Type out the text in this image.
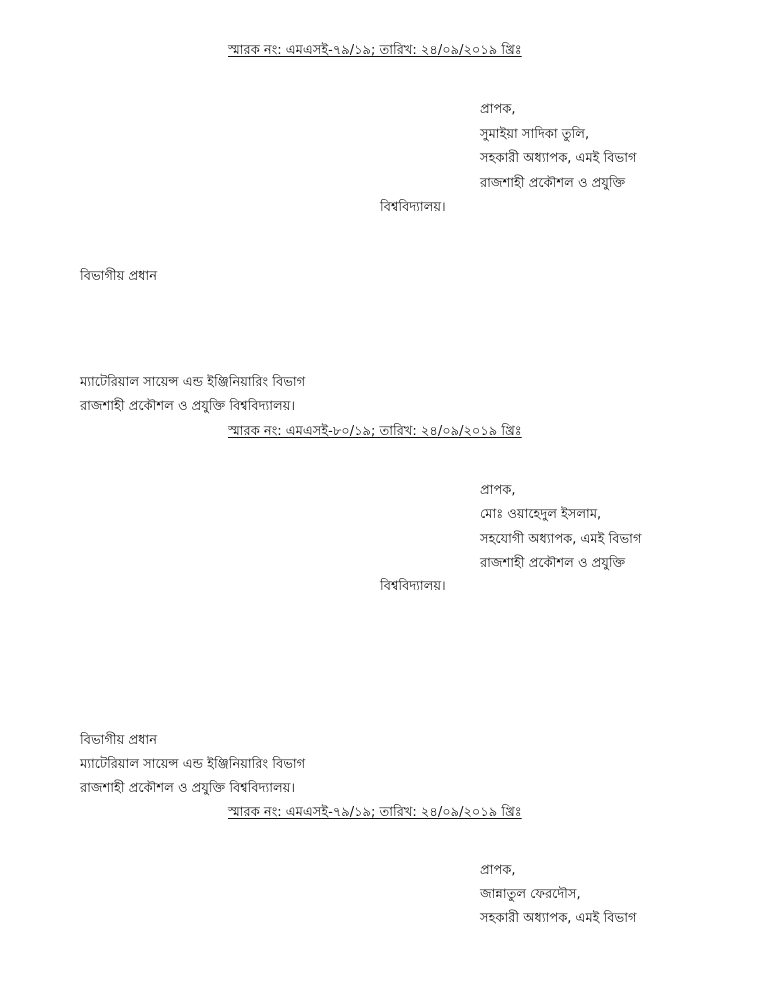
স্মারক নং: এমএসই-৭৯/১৯; তারিখ: ২৪/০৯/২০১৯ খ্রিঃ
প্রাপক,
সুমাইয়া সাদিকা তুলি,
সহকারী অধ্যাপক, এমই বিভাগ
রাজশাহী প্রকৌশল ও প্রযুক্তি
বিশ্ববিদ্যালয়।
বিভাগীয় প্রধান
ম্যাটেরিয়াল সায়েন্স এন্ড ইঞ্জিনিয়ারিং বিভাগ
রাজশাহী প্রকৌশল ও প্রযুক্তি বিশ্ববিদ্যালয়।
স্মারক নং: এমএসই-৮০/১৯; তারিখ: ২৪/০৯/২০১৯ খ্রিঃ
প্রাপক,
মোঃ ওয়াহেদুল ইসলাম,
সহযোগী অধ্যাপক, এমই বিভাগ
রাজশাহী প্রকৌশল ও প্রযুক্তি
বিশ্ববিদ্যালয়।
বিভাগীয় প্রধান
ম্যাটেরিয়াল সায়েন্স এন্ড ইঞ্জিনিয়ারিং বিভাগ
রাজশাহী প্রকৌশল ও প্রযুক্তি বিশ্ববিদ্যালয়।
স্মারক নং: এমএসই-৭৯/১৯; তারিখ: ২৪/০৯/২০১৯ খ্রিঃ
প্রাপক,
জান্নাতুল ফেরদৌস,
সহকারী অধ্যাপক, এমই বিভাগ
